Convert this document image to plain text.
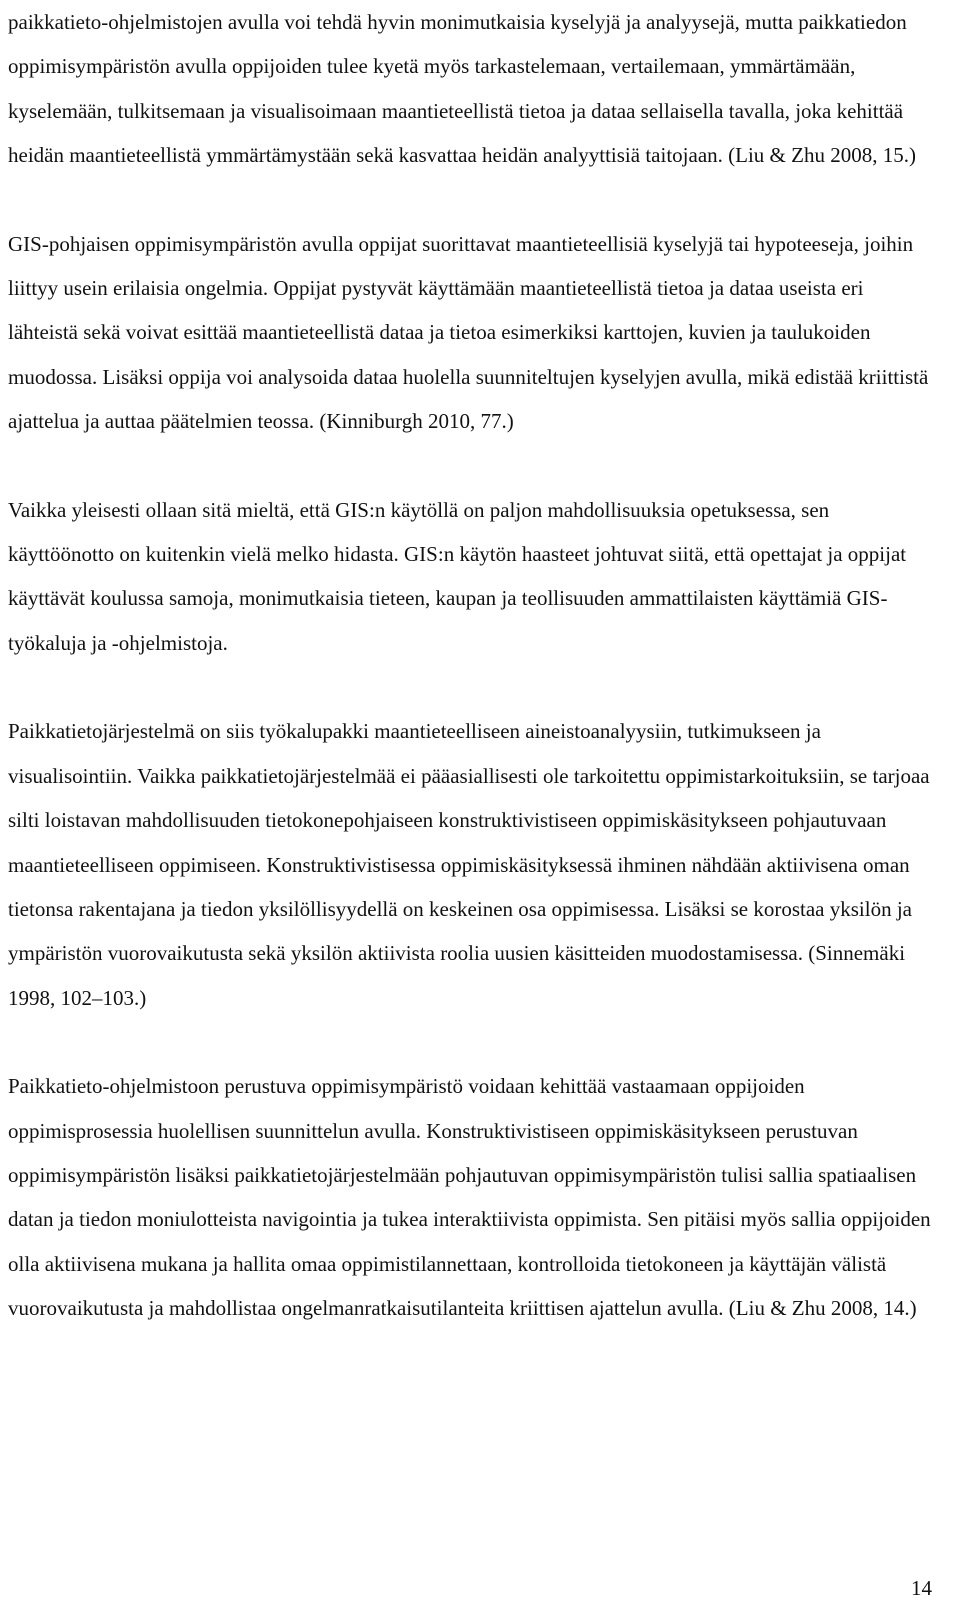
paikkatieto-ohjelmistojen avulla voi tehdä hyvin monimutkaisia kyselyjä ja analyysejä, mutta paikkatiedon oppimisympäristön avulla oppijoiden tulee kyetä myös tarkastelemaan, vertailemaan, ymmärtämään, kyselemään, tulkitsemaan ja visualisoimaan maantieteellistä tietoa ja dataa sellaisella tavalla, joka kehittää heidän maantieteellistä ymmärtämystään sekä kasvattaa heidän analyyttisiä taitojaan. (Liu & Zhu 2008, 15.)

GIS-pohjaisen oppimisympäristön avulla oppijat suorittavat maantieteellisiä kyselyjä tai hypoteeseja, joihin liittyy usein erilaisia ongelmia. Oppijat pystyvät käyttämään maantieteellistä tietoa ja dataa useista eri lähteistä sekä voivat esittää maantieteellistä dataa ja tietoa esimerkiksi karttojen, kuvien ja taulukoiden muodossa. Lisäksi oppija voi analysoida dataa huolella suunniteltujen kyselyjen avulla, mikä edistää kriittistä ajattelua ja auttaa päätelmien teossa. (Kinniburgh 2010, 77.)

Vaikka yleisesti ollaan sitä mieltä, että GIS:n käytöllä on paljon mahdollisuuksia opetuksessa, sen käyttöönotto on kuitenkin vielä melko hidasta. GIS:n käytön haasteet johtuvat siitä, että opettajat ja oppijat käyttävät koulussa samoja, monimutkaisia tieteen, kaupan ja teollisuuden ammattilaisten käyttämiä GIS-työkaluja ja -ohjelmistoja.

Paikkatietojärjestelmä on siis työkalupakki maantieteelliseen aineistoanalyysiin, tutkimukseen ja visualisointiin. Vaikka paikkatietojärjestelmää ei pääasiallisesti ole tarkoitettu oppimistarkoituksiin, se tarjoaa silti loistavan mahdollisuuden tietokonepohjaiseen konstruktivistiseen oppimiskäsitykseen pohjautuvaan maantieteelliseen oppimiseen. Konstruktivistisessa oppimiskäsityksessä ihminen nähdään aktiivisena oman tietonsa rakentajana ja tiedon yksilöllisyydellä on keskeinen osa oppimisessa. Lisäksi se korostaa yksilön ja ympäristön vuorovaikutusta sekä yksilön aktiivista roolia uusien käsitteiden muodostamisessa. (Sinnemäki 1998, 102–103.)

Paikkatieto-ohjelmistoon perustuva oppimisympäristö voidaan kehittää vastaamaan oppijoiden oppimisprosessia huolellisen suunnittelun avulla. Konstruktivistiseen oppimiskäsitykseen perustuvan oppimisympäristön lisäksi paikkatietojärjestelmään pohjautuvan oppimisympäristön tulisi sallia spatiaalisen datan ja tiedon moniulotteista navigointia ja tukea interaktiivista oppimista. Sen pitäisi myös sallia oppijoiden olla aktiivisena mukana ja hallita omaa oppimistilannettaan, kontrolloida tietokoneen ja käyttäjän välistä vuorovaikutusta ja mahdollistaa ongelmanratkaisutilanteita kriittisen ajattelun avulla. (Liu & Zhu 2008, 14.)

14
